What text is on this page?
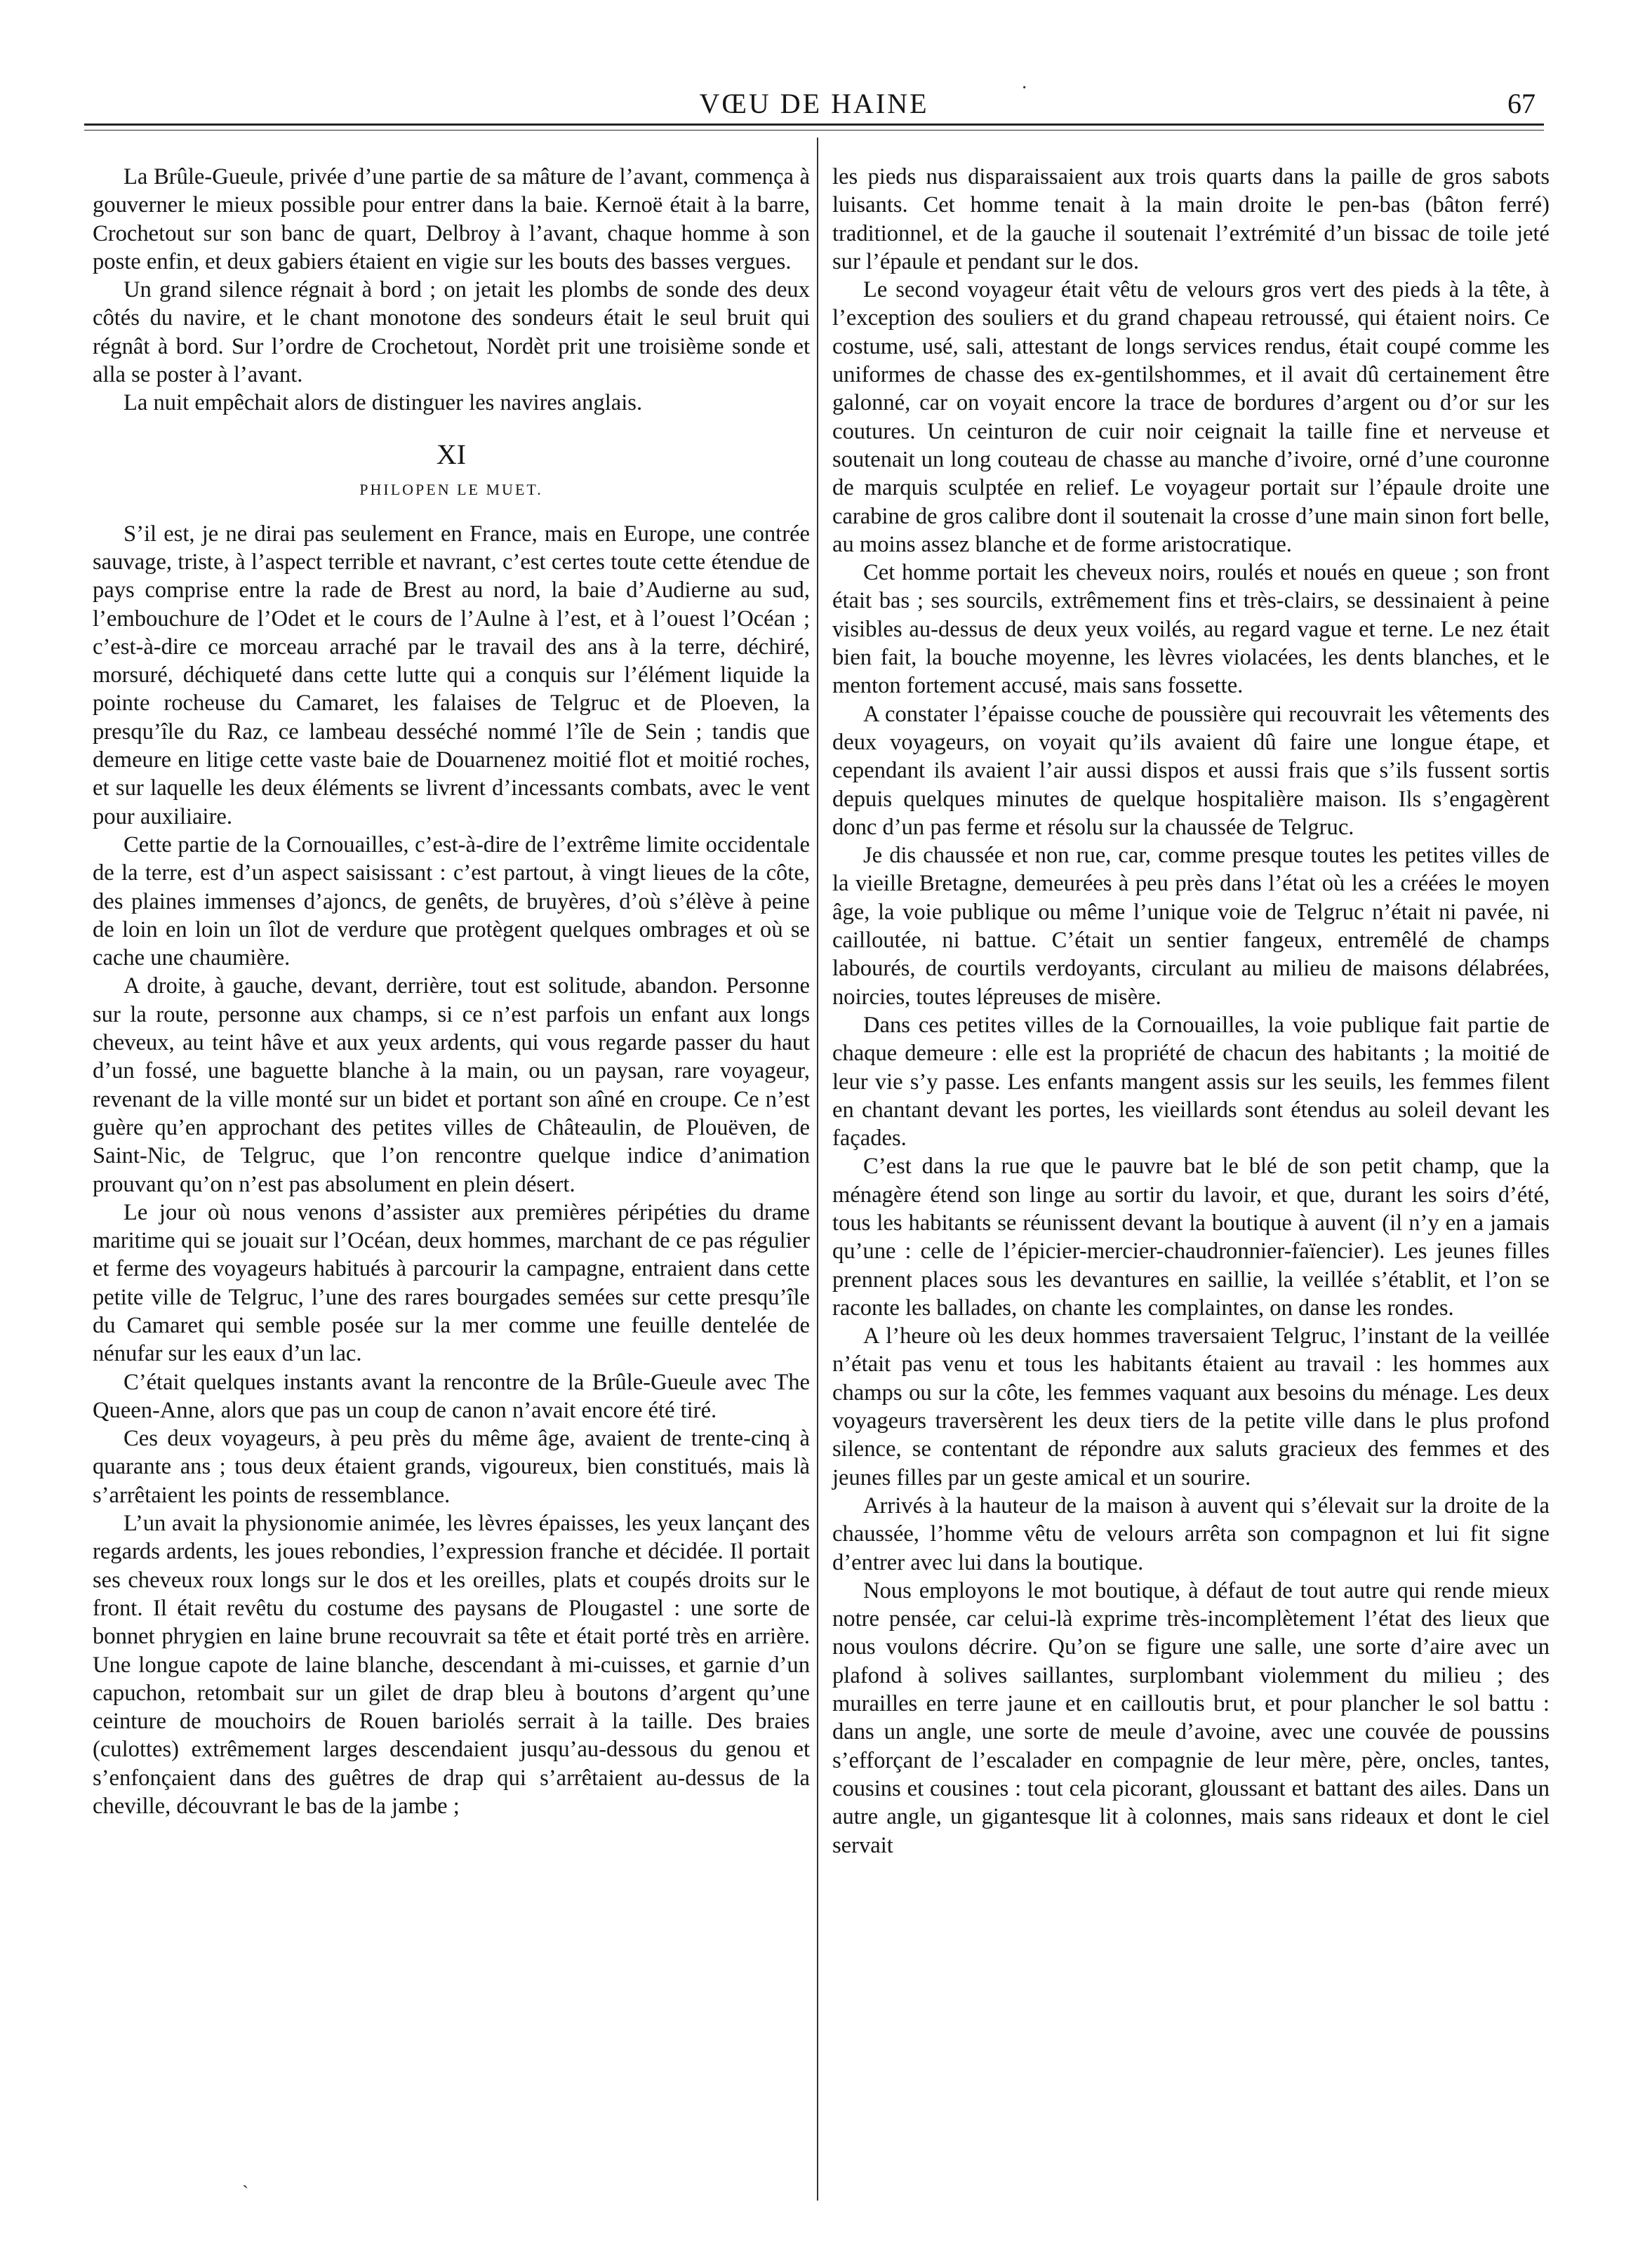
VŒU DE HAINE	67
·

La Brûle-Gueule, privée d’une partie de sa mâture de l’avant, commença à gouverner le mieux possible pour entrer dans la baie. Kernoë était à la barre, Crochetout sur son banc de quart, Delbroy à l’avant, chaque homme à son poste enfin, et deux gabiers étaient en vigie sur les bouts des basses vergues.

Un grand silence régnait à bord ; on jetait les plombs de sonde des deux côtés du navire, et le chant monotone des sondeurs était le seul bruit qui régnât à bord. Sur l’ordre de Crochetout, Nordèt prit une troisième sonde et alla se poster à l’avant.

La nuit empêchait alors de distinguer les navires anglais.

XI
PHILOPEN LE MUET.

S’il est, je ne dirai pas seulement en France, mais en Europe, une contrée sauvage, triste, à l’aspect terrible et navrant, c’est certes toute cette étendue de pays comprise entre la rade de Brest au nord, la baie d’Audierne au sud, l’embouchure de l’Odet et le cours de l’Aulne à l’est, et à l’ouest l’Océan ; c’est-à-dire ce morceau arraché par le travail des ans à la terre, déchiré, morsuré, déchiqueté dans cette lutte qui a conquis sur l’élément liquide la pointe rocheuse du Camaret, les falaises de Telgruc et de Ploeven, la presqu’île du Raz, ce lambeau desséché nommé l’île de Sein ; tandis que demeure en litige cette vaste baie de Douarnenez moitié flot et moitié roches, et sur laquelle les deux éléments se livrent d’incessants combats, avec le vent pour auxiliaire.

Cette partie de la Cornouailles, c’est-à-dire de l’extrême limite occidentale de la terre, est d’un aspect saisissant : c’est partout, à vingt lieues de la côte, des plaines immenses d’ajoncs, de genêts, de bruyères, d’où s’élève à peine de loin en loin un îlot de verdure que protègent quelques ombrages et où se cache une chaumière.

A droite, à gauche, devant, derrière, tout est solitude, abandon. Personne sur la route, personne aux champs, si ce n’est parfois un enfant aux longs cheveux, au teint hâve et aux yeux ardents, qui vous regarde passer du haut d’un fossé, une baguette blanche à la main, ou un paysan, rare voyageur, revenant de la ville monté sur un bidet et portant son aîné en croupe. Ce n’est guère qu’en approchant des petites villes de Châteaulin, de Plouëven, de Saint-Nic, de Telgruc, que l’on rencontre quelque indice d’animation prouvant qu’on n’est pas absolument en plein désert.

Le jour où nous venons d’assister aux premières péripéties du drame maritime qui se jouait sur l’Océan, deux hommes, marchant de ce pas régulier et ferme des voyageurs habitués à parcourir la campagne, entraient dans cette petite ville de Telgruc, l’une des rares bourgades semées sur cette presqu’île du Camaret qui semble posée sur la mer comme une feuille dentelée de nénufar sur les eaux d’un lac.

C’était quelques instants avant la rencontre de la Brûle-Gueule avec The Queen-Anne, alors que pas un coup de canon n’avait encore été tiré.

Ces deux voyageurs, à peu près du même âge, avaient de trente-cinq à quarante ans ; tous deux étaient grands, vigoureux, bien constitués, mais là s’arrêtaient les points de ressemblance.

L’un avait la physionomie animée, les lèvres épaisses, les yeux lançant des regards ardents, les joues rebondies, l’expression franche et décidée. Il portait ses cheveux roux longs sur le dos et les oreilles, plats et coupés droits sur le front. Il était revêtu du costume des paysans de Plougastel : une sorte de bonnet phrygien en laine brune recouvrait sa tête et était porté très en arrière. Une longue capote de laine blanche, descendant à mi-cuisses, et garnie d’un capuchon, retombait sur un gilet de drap bleu à boutons d’argent qu’une ceinture de mouchoirs de Rouen bariolés serrait à la taille. Des braies (culottes) extrêmement larges descendaient jusqu’au-dessous du genou et s’enfonçaient dans des guêtres de drap qui s’arrêtaient au-dessus de la cheville, découvrant le bas de la jambe ;

les pieds nus disparaissaient aux trois quarts dans la paille de gros sabots luisants. Cet homme tenait à la main droite le pen-bas (bâton ferré) traditionnel, et de la gauche il soutenait l’extrémité d’un bissac de toile jeté sur l’épaule et pendant sur le dos.

Le second voyageur était vêtu de velours gros vert des pieds à la tête, à l’exception des souliers et du grand chapeau retroussé, qui étaient noirs. Ce costume, usé, sali, attestant de longs services rendus, était coupé comme les uniformes de chasse des ex-gentilshommes, et il avait dû certainement être galonné, car on voyait encore la trace de bordures d’argent ou d’or sur les coutures. Un ceinturon de cuir noir ceignait la taille fine et nerveuse et soutenait un long couteau de chasse au manche d’ivoire, orné d’une couronne de marquis sculptée en relief. Le voyageur portait sur l’épaule droite une carabine de gros calibre dont il soutenait la crosse d’une main sinon fort belle, au moins assez blanche et de forme aristocratique.

Cet homme portait les cheveux noirs, roulés et noués en queue ; son front était bas ; ses sourcils, extrêmement fins et très-clairs, se dessinaient à peine visibles au-dessus de deux yeux voilés, au regard vague et terne. Le nez était bien fait, la bouche moyenne, les lèvres violacées, les dents blanches, et le menton fortement accusé, mais sans fossette.

A constater l’épaisse couche de poussière qui recouvrait les vêtements des deux voyageurs, on voyait qu’ils avaient dû faire une longue étape, et cependant ils avaient l’air aussi dispos et aussi frais que s’ils fussent sortis depuis quelques minutes de quelque hospitalière maison. Ils s’engagèrent donc d’un pas ferme et résolu sur la chaussée de Telgruc.

Je dis chaussée et non rue, car, comme presque toutes les petites villes de la vieille Bretagne, demeurées à peu près dans l’état où les a créées le moyen âge, la voie publique ou même l’unique voie de Telgruc n’était ni pavée, ni cailloutée, ni battue. C’était un sentier fangeux, entremêlé de champs labourés, de courtils verdoyants, circulant au milieu de maisons délabrées, noircies, toutes lépreuses de misère.

Dans ces petites villes de la Cornouailles, la voie publique fait partie de chaque demeure : elle est la propriété de chacun des habitants ; la moitié de leur vie s’y passe. Les enfants mangent assis sur les seuils, les femmes filent en chantant devant les portes, les vieillards sont étendus au soleil devant les façades.

C’est dans la rue que le pauvre bat le blé de son petit champ, que la ménagère étend son linge au sortir du lavoir, et que, durant les soirs d’été, tous les habitants se réunissent devant la boutique à auvent (il n’y en a jamais qu’une : celle de l’épicier-mercier-chaudronnier-faïencier). Les jeunes filles prennent places sous les devantures en saillie, la veillée s’établit, et l’on se raconte les ballades, on chante les complaintes, on danse les rondes.

A l’heure où les deux hommes traversaient Telgruc, l’instant de la veillée n’était pas venu et tous les habitants étaient au travail : les hommes aux champs ou sur la côte, les femmes vaquant aux besoins du ménage. Les deux voyageurs traversèrent les deux tiers de la petite ville dans le plus profond silence, se contentant de répondre aux saluts gracieux des femmes et des jeunes filles par un geste amical et un sourire.

Arrivés à la hauteur de la maison à auvent qui s’élevait sur la droite de la chaussée, l’homme vêtu de velours arrêta son compagnon et lui fit signe d’entrer avec lui dans la boutique.

Nous employons le mot boutique, à défaut de tout autre qui rende mieux notre pensée, car celui-là exprime très-incomplètement l’état des lieux que nous voulons décrire. Qu’on se figure une salle, une sorte d’aire avec un plafond à solives saillantes, surplombant violemment du milieu ; des murailles en terre jaune et en cailloutis brut, et pour plancher le sol battu : dans un angle, une sorte de meule d’avoine, avec une couvée de poussins s’efforçant de l’escalader en compagnie de leur mère, père, oncles, tantes, cousins et cousines : tout cela picorant, gloussant et battant des ailes. Dans un autre angle, un gigantesque lit à colonnes, mais sans rideaux et dont le ciel servait

`
